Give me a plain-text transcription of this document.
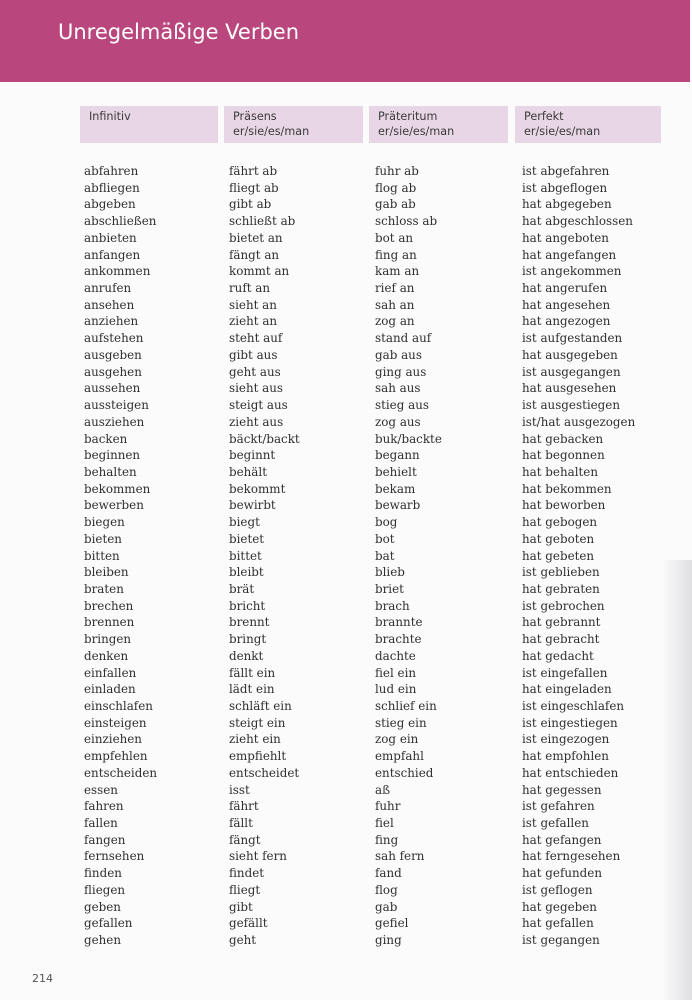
Unregelmäßige Verben
Infinitiv	Präsens
er/sie/es/man
Präteritum
er/sie/es/man
Perfekt
er/sie/es/man
abfahren
abfliegen
abgeben
abschließen
anbieten
anfangen
ankommen
anrufen
ansehen
anziehen
aufstehen
ausgeben
ausgehen
aussehen
aussteigen
ausziehen
backen
beginnen
behalten
bekommen
bewerben
biegen
bieten
bitten
bleiben
braten
brechen
brennen
bringen
denken
einfallen
einladen
einschlafen
einsteigen
einziehen
empfehlen
entscheiden
essen
fahren
fallen
fangen
fernsehen
finden
fliegen
geben
gefallen
gehen
fährt ab
fliegt ab
gibt ab
schließt ab
bietet an
fängt an
kommt an
ruft an
sieht an
zieht an
steht auf
gibt aus
geht aus
sieht aus
steigt aus
zieht aus
bäckt/backt
beginnt
behält
bekommt
bewirbt
biegt
bietet
bittet
bleibt
brät
bricht
brennt
bringt
denkt
fällt ein
lädt ein
schläft ein
steigt ein
zieht ein
empfiehlt
entscheidet
isst
fährt
fällt
fängt
sieht fern
findet
fliegt
gibt
gefällt
geht
fuhr ab
flog ab
gab ab
schloss ab
bot an
fing an
kam an
rief an
sah an
zog an
stand auf
gab aus
ging aus
sah aus
stieg aus
zog aus
buk/backte
begann
behielt
bekam
bewarb
bog
bot
bat
blieb
briet
brach
brannte
brachte
dachte
fiel ein
lud ein
schlief ein
stieg ein
zog ein
empfahl
entschied
aß
fuhr
fiel
fing
sah fern
fand
flog
gab
gefiel
ging
ist abgefahren
ist abgeflogen
hat abgegeben
hat abgeschlossen
hat angeboten
hat angefangen
ist angekommen
hat angerufen
hat angesehen
hat angezogen
ist aufgestanden
hat ausgegeben
ist ausgegangen
hat ausgesehen
ist ausgestiegen
ist/hat ausgezogen
hat gebacken
hat begonnen
hat behalten
hat bekommen
hat beworben
hat gebogen
hat geboten
hat gebeten
ist geblieben
hat gebraten
ist gebrochen
hat gebrannt
hat gebracht
hat gedacht
ist eingefallen
hat eingeladen
ist eingeschlafen
ist eingestiegen
ist eingezogen
hat empfohlen
hat entschieden
hat gegessen
ist gefahren
ist gefallen
hat gefangen
hat ferngesehen
hat gefunden
ist geflogen
hat gegeben
hat gefallen
ist gegangen
214
